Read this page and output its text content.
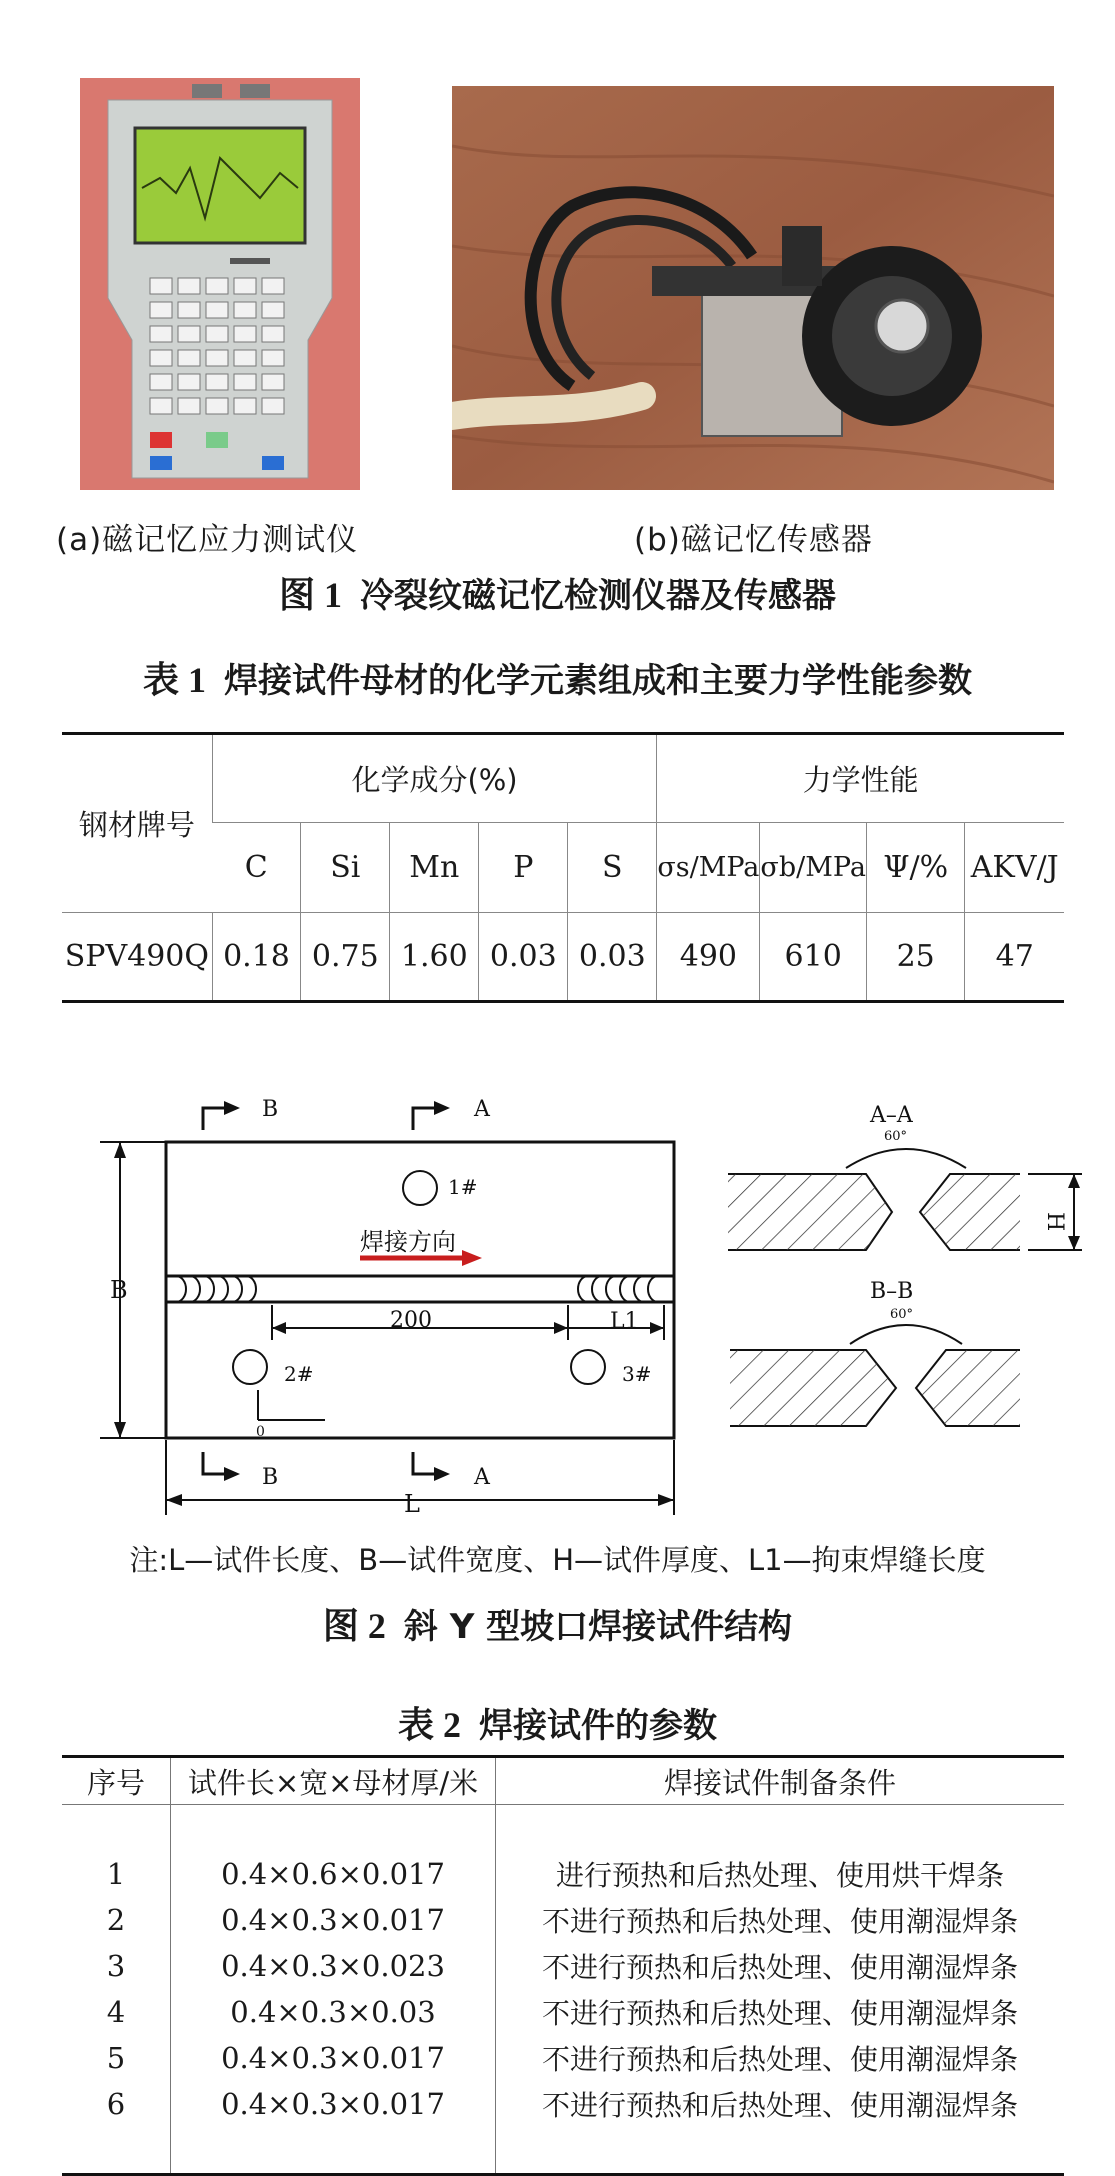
(a)磁记忆应力测试仪	(b)磁记忆传感器
图 1 冷裂纹磁记忆检测仪器及传感器
表 1 焊接试件母材的化学元素组成和主要力学性能参数
钢材牌号	化学成分(%)					力学性能			
	C	Si	Mn	P	S	σs/MPa	σb/MPa	Ψ/%	AKV/J
SPV490Q	0.18	0.75	1.60	0.03	0.03	490	610	25	47
B	A
B	A
B
L
200	L1
1#
2#	3#
0
A–A
B–B
60°
60°
H
焊接方向
注:L—试件长度、B—试件宽度、H—试件厚度、L1—拘束焊缝长度
图 2 斜 Y 型坡口焊接试件结构
表 2 焊接试件的参数
序号	试件长×宽×母材厚/米	焊接试件制备条件

1	0.4×0.6×0.017	进行预热和后热处理、使用烘干焊条
2	0.4×0.3×0.017	不进行预热和后热处理、使用潮湿焊条
3	0.4×0.3×0.023	不进行预热和后热处理、使用潮湿焊条
4	0.4×0.3×0.03	不进行预热和后热处理、使用潮湿焊条
5	0.4×0.3×0.017	不进行预热和后热处理、使用潮湿焊条
6	0.4×0.3×0.017	不进行预热和后热处理、使用潮湿焊条
